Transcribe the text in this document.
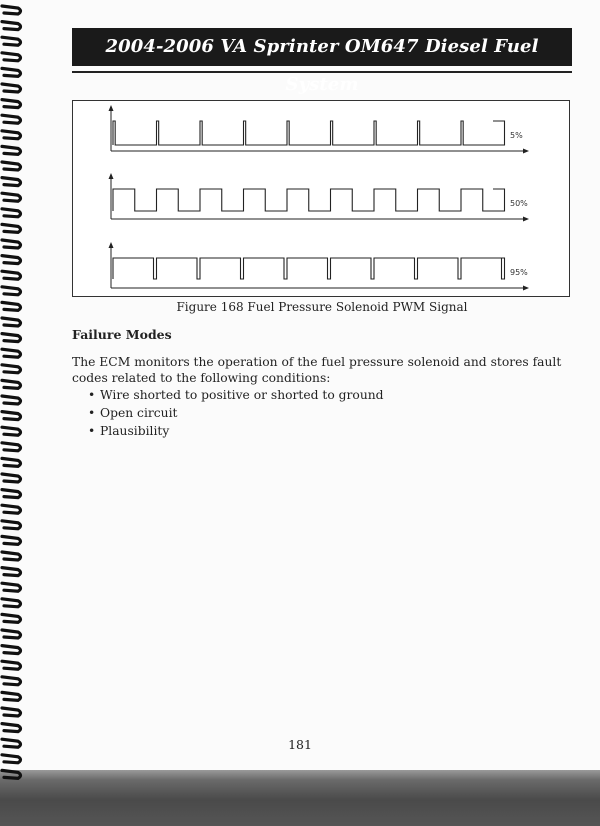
2004-2006 VA Sprinter OM647 Diesel Fuel System
5%
50%
95%
Figure 168 Fuel Pressure Solenoid PWM Signal
Failure Modes
The ECM monitors the operation of the fuel pressure solenoid and stores fault codes related to the following conditions:
• Wire shorted to positive or shorted to ground
• Open circuit
• Plausibility
181
